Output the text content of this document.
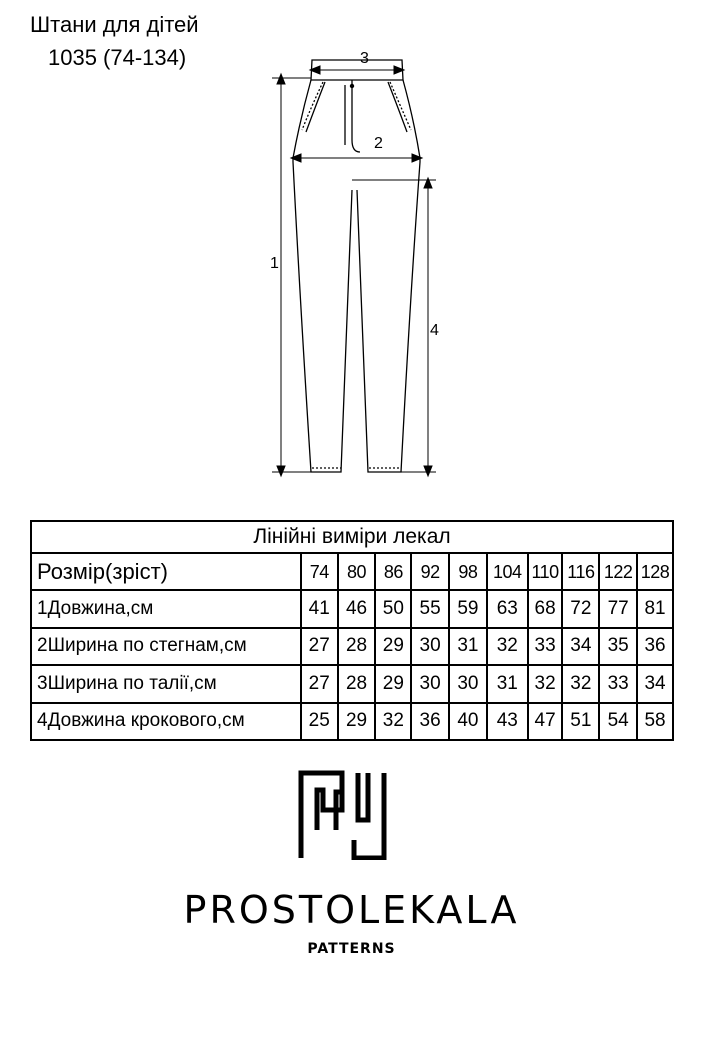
Штани для дітей
1035 (74-134)
1
2
3
4
Лінійні виміри лекал										
Розмір(зріст)	74	80	86	92	98	104	110	116	122	128
1Довжина,см	41	46	50	55	59	63	68	72	77	81
2Ширина по стегнам,см	27	28	29	30	31	32	33	34	35	36
3Ширина по талії,см	27	28	29	30	30	31	32	32	33	34
4Довжина крокового,см	25	29	32	36	40	43	47	51	54	58
PROSTOLEKALA
PATTERNS
